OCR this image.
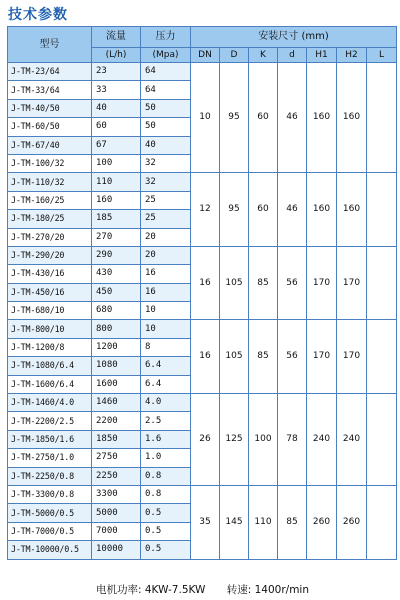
技术参数
型号	流量	压力	安装尺寸 (mm)						
	(L/h)	(Mpa)	DN	D	K	d	H1	H2	L
J-TM-23/64	23	64	10	95	60	46	160	160	
J-TM-33/64	33	64							
J-TM-40/50	40	50							
J-TM-60/50	60	50							
J-TM-67/40	67	40							
J-TM-100/32	100	32							
J-TM-110/32	110	32	12	95	60	46	160	160	
J-TM-160/25	160	25							
J-TM-180/25	185	25							
J-TM-270/20	270	20							
J-TM-290/20	290	20	16	105	85	56	170	170	
J-TM-430/16	430	16							
J-TM-450/16	450	16							
J-TM-680/10	680	10							
J-TM-800/10	800	10	16	105	85	56	170	170	
J-TM-1200/8	1200	8							
J-TM-1080/6.4	1080	6.4							
J-TM-1600/6.4	1600	6.4							
J-TM-1460/4.0	1460	4.0	26	125	100	78	240	240	
J-TM-2200/2.5	2200	2.5							
J-TM-1850/1.6	1850	1.6							
J-TM-2750/1.0	2750	1.0							
J-TM-2250/0.8	2250	0.8							
J-TM-3300/0.8	3300	0.8	35	145	110	85	260	260	
J-TM-5000/0.5	5000	0.5							
J-TM-7000/0.5	7000	0.5							
J-TM-10000/0.5	10000	0.5							
电机功率: 4KW-7.5KW 转速: 1400r/min
